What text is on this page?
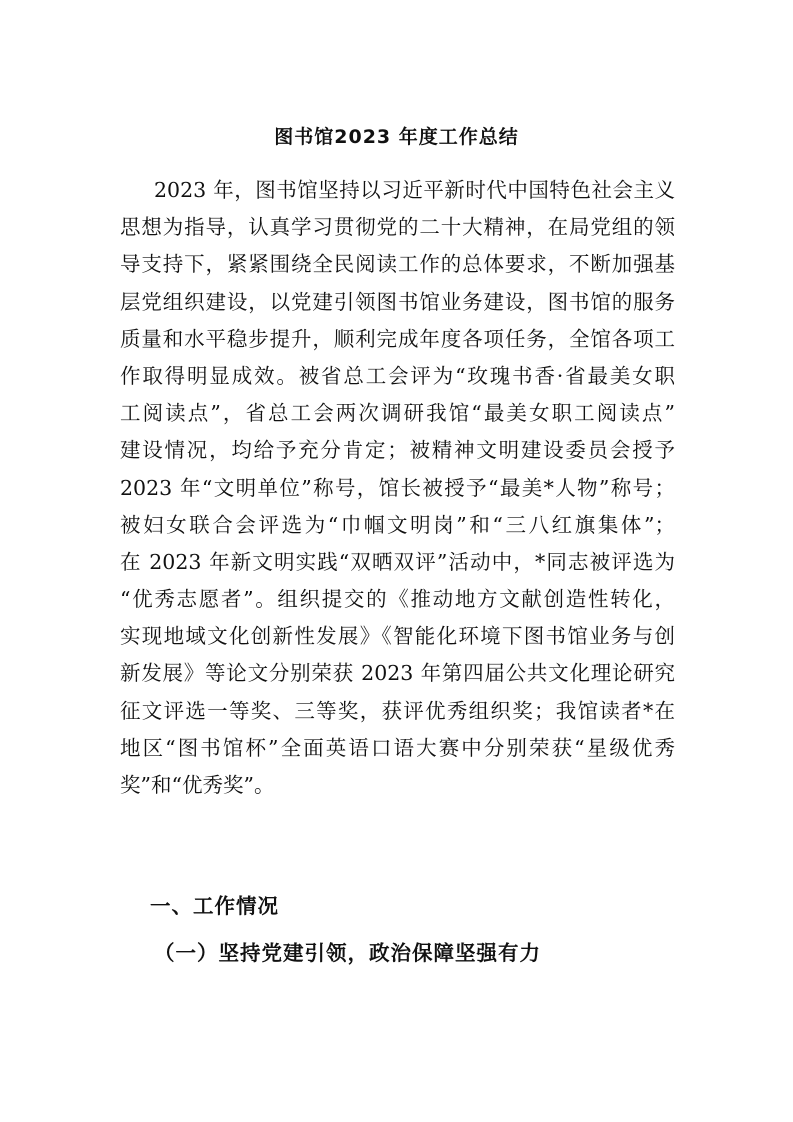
图书馆2023 年度工作总结
2023 年，图书馆坚持以习近平新时代中国特色社会主义
思想为指导，认真学习贯彻党的二十大精神，在局党组的领
导支持下，紧紧围绕全民阅读工作的总体要求，不断加强基
层党组织建设，以党建引领图书馆业务建设，图书馆的服务
质量和水平稳步提升，顺利完成年度各项任务，全馆各项工
作取得明显成效。被省总工会评为“玫瑰书香·省最美女职
工阅读点”，省总工会两次调研我馆“最美女职工阅读点”
建设情况，均给予充分肯定；被精神文明建设委员会授予
2023 年“文明单位”称号，馆长被授予“最美*人物”称号；
被妇女联合会评选为“巾帼文明岗”和“三八红旗集体”；
在 2023 年新文明实践“双晒双评”活动中，*同志被评选为
“优秀志愿者”。组织提交的《推动地方文献创造性转化，
实现地域文化创新性发展》《智能化环境下图书馆业务与创
新发展》等论文分别荣获 2023 年第四届公共文化理论研究
征文评选一等奖、三等奖，获评优秀组织奖；我馆读者*在
地区“图书馆杯”全面英语口语大赛中分别荣获“星级优秀
奖”和“优秀奖”。
一、工作情况
（一）坚持党建引领，政治保障坚强有力
